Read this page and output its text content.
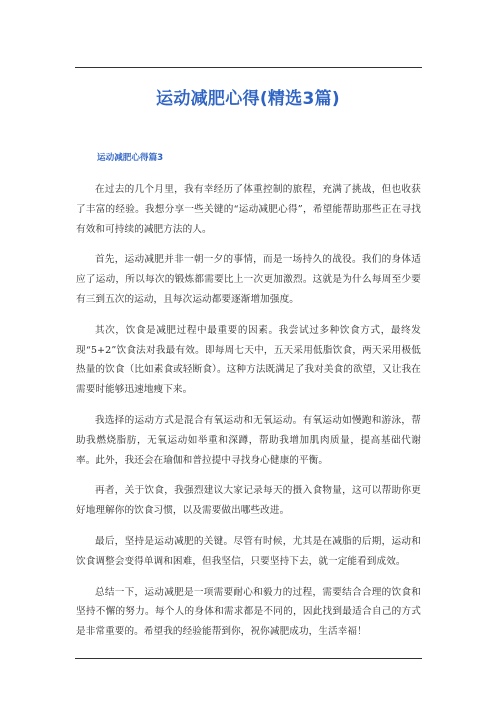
运动减肥心得(精选3篇)
运动减肥心得篇3

在过去的几个月里，我有幸经历了体重控制的旅程，充满了挑战，但也收获了丰富的经验。我想分享一些关键的“运动减肥心得”，希望能帮助那些正在寻找有效和可持续的减肥方法的人。

首先，运动减肥并非一朝一夕的事情，而是一场持久的战役。我们的身体适应了运动，所以每次的锻炼都需要比上一次更加激烈。这就是为什么每周至少要有三到五次的运动，且每次运动都要逐渐增加强度。

其次，饮食是减肥过程中最重要的因素。我尝试过多种饮食方式，最终发现“5+2”饮食法对我最有效。即每周七天中，五天采用低脂饮食，两天采用极低热量的饮食（比如素食或轻断食）。这种方法既满足了我对美食的欲望，又让我在需要时能够迅速地瘦下来。

我选择的运动方式是混合有氧运动和无氧运动。有氧运动如慢跑和游泳，帮助我燃烧脂肪，无氧运动如举重和深蹲，帮助我增加肌肉质量，提高基础代谢率。此外，我还会在瑜伽和普拉提中寻找身心健康的平衡。

再者，关于饮食，我强烈建议大家记录每天的摄入食物量，这可以帮助你更好地理解你的饮食习惯，以及需要做出哪些改进。

最后，坚持是运动减肥的关键。尽管有时候，尤其是在减脂的后期，运动和饮食调整会变得单调和困难，但我坚信，只要坚持下去，就一定能看到成效。

总结一下，运动减肥是一项需要耐心和毅力的过程，需要结合合理的饮食和坚持不懈的努力。每个人的身体和需求都是不同的，因此找到最适合自己的方式是非常重要的。希望我的经验能帮到你，祝你减肥成功，生活幸福！
